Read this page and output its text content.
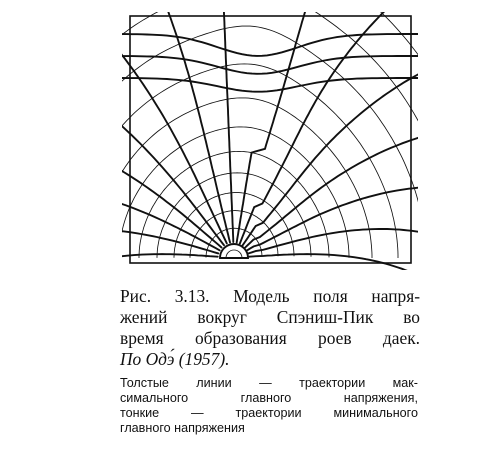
Рис. 3.13. Модель поля напря-
жений вокруг Спэниш-Пик во
время образования роев даек.
По Одэ́ (1957).

Толстые линии — траектории мак-
симального главного напряжения,
тонкие — траектории минимального
главного напряжения
